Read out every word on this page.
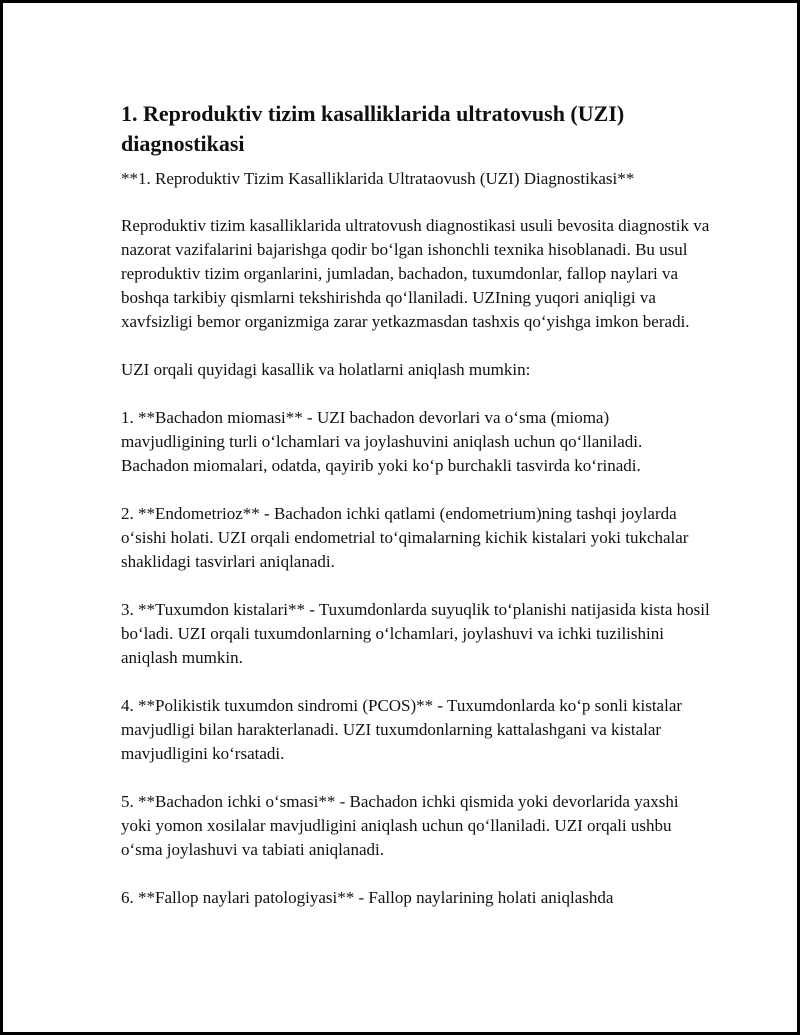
1. Reproduktiv tizim kasalliklarida ultratovush (UZI) diagnostikasi

**1. Reproduktiv Tizim Kasalliklarida Ultrataovush (UZI) Diagnostikasi**

Reproduktiv tizim kasalliklarida ultratovush diagnostikasi usuli bevosita diagnostik va nazorat vazifalarini bajarishga qodir bo‘lgan ishonchli texnika hisoblanadi. Bu usul reproduktiv tizim organlarini, jumladan, bachadon, tuxumdonlar, fallop naylari va boshqa tarkibiy qismlarni tekshirishda qo‘llaniladi. UZIning yuqori aniqligi va xavfsizligi bemor organizmiga zarar yetkazmasdan tashxis qo‘yishga imkon beradi.

UZI orqali quyidagi kasallik va holatlarni aniqlash mumkin:

1. **Bachadon miomasi** - UZI bachadon devorlari va o‘sma (mioma) mavjudligining turli o‘lchamlari va joylashuvini aniqlash uchun qo‘llaniladi. Bachadon miomalari, odatda, qayirib yoki ko‘p burchakli tasvirda ko‘rinadi.

2. **Endometrioz** - Bachadon ichki qatlami (endometrium)ning tashqi joylarda o‘sishi holati. UZI orqali endometrial to‘qimalarning kichik kistalari yoki tukchalar shaklidagi tasvirlari aniqlanadi.

3. **Tuxumdon kistalari** - Tuxumdonlarda suyuqlik to‘planishi natijasida kista hosil bo‘ladi. UZI orqali tuxumdonlarning o‘lchamlari, joylashuvi va ichki tuzilishini aniqlash mumkin.

4. **Polikistik tuxumdon sindromi (PCOS)** - Tuxumdonlarda ko‘p sonli kistalar mavjudligi bilan harakterlanadi. UZI tuxumdonlarning kattalashgani va kistalar mavjudligini ko‘rsatadi.

5. **Bachadon ichki o‘smasi** - Bachadon ichki qismida yoki devorlarida yaxshi yoki yomon xosilalar mavjudligini aniqlash uchun qo‘llaniladi. UZI orqali ushbu o‘sma joylashuvi va tabiati aniqlanadi.

6. **Fallop naylari patologiyasi** - Fallop naylarining holati aniqlashda
